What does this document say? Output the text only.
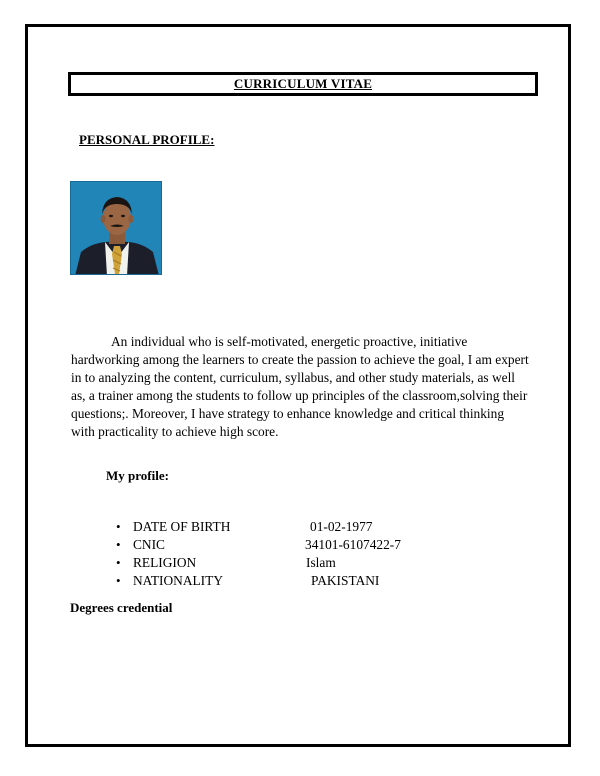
CURRICULUM VITAE
PERSONAL PROFILE:

An individual who is self-motivated, energetic proactive, initiative hardworking among the learners to create the passion to achieve the goal, I am expert in to analyzing the content, curriculum, syllabus, and other study materials, as well as, a trainer among the students to follow up principles of the classroom,solving their questions;. Moreover, I have strategy to enhance knowledge and critical thinking with practicality to achieve high score.

My profile:
• DATE OF BIRTH	01-02-1977
• CNIC	34101-6107422-7
• RELIGION	Islam
• NATIONALITY	PAKISTANI
Degrees credential
